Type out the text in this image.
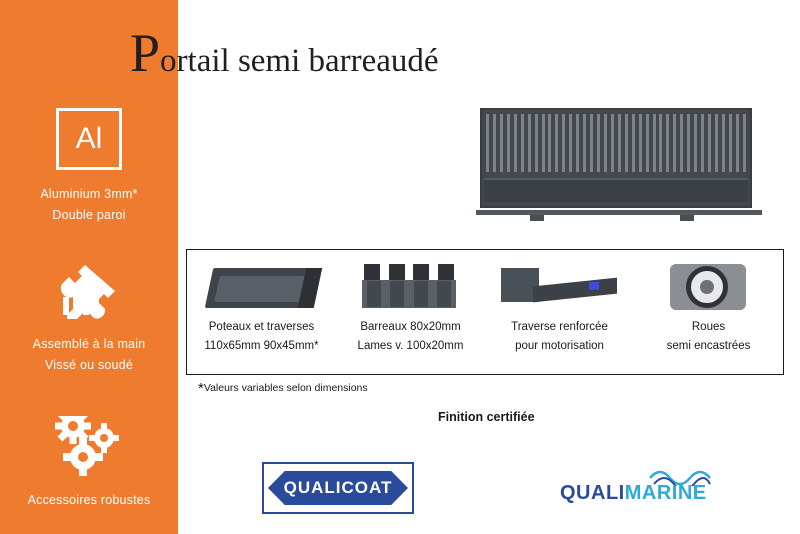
Al
Aluminium 3mm*
Double paroi
Assemblé à la main
Vissé ou soudé
Accessoires robustes
Portail semi barreaudé
Poteaux et traverses
110x65mm 90x45mm*
Barreaux 80x20mm
Lames v. 100x20mm
Traverse renforcée
pour motorisation
Roues
semi encastrées
*Valeurs variables selon dimensions
Finition certifiée
QUALICOAT	QUALIMARINE
